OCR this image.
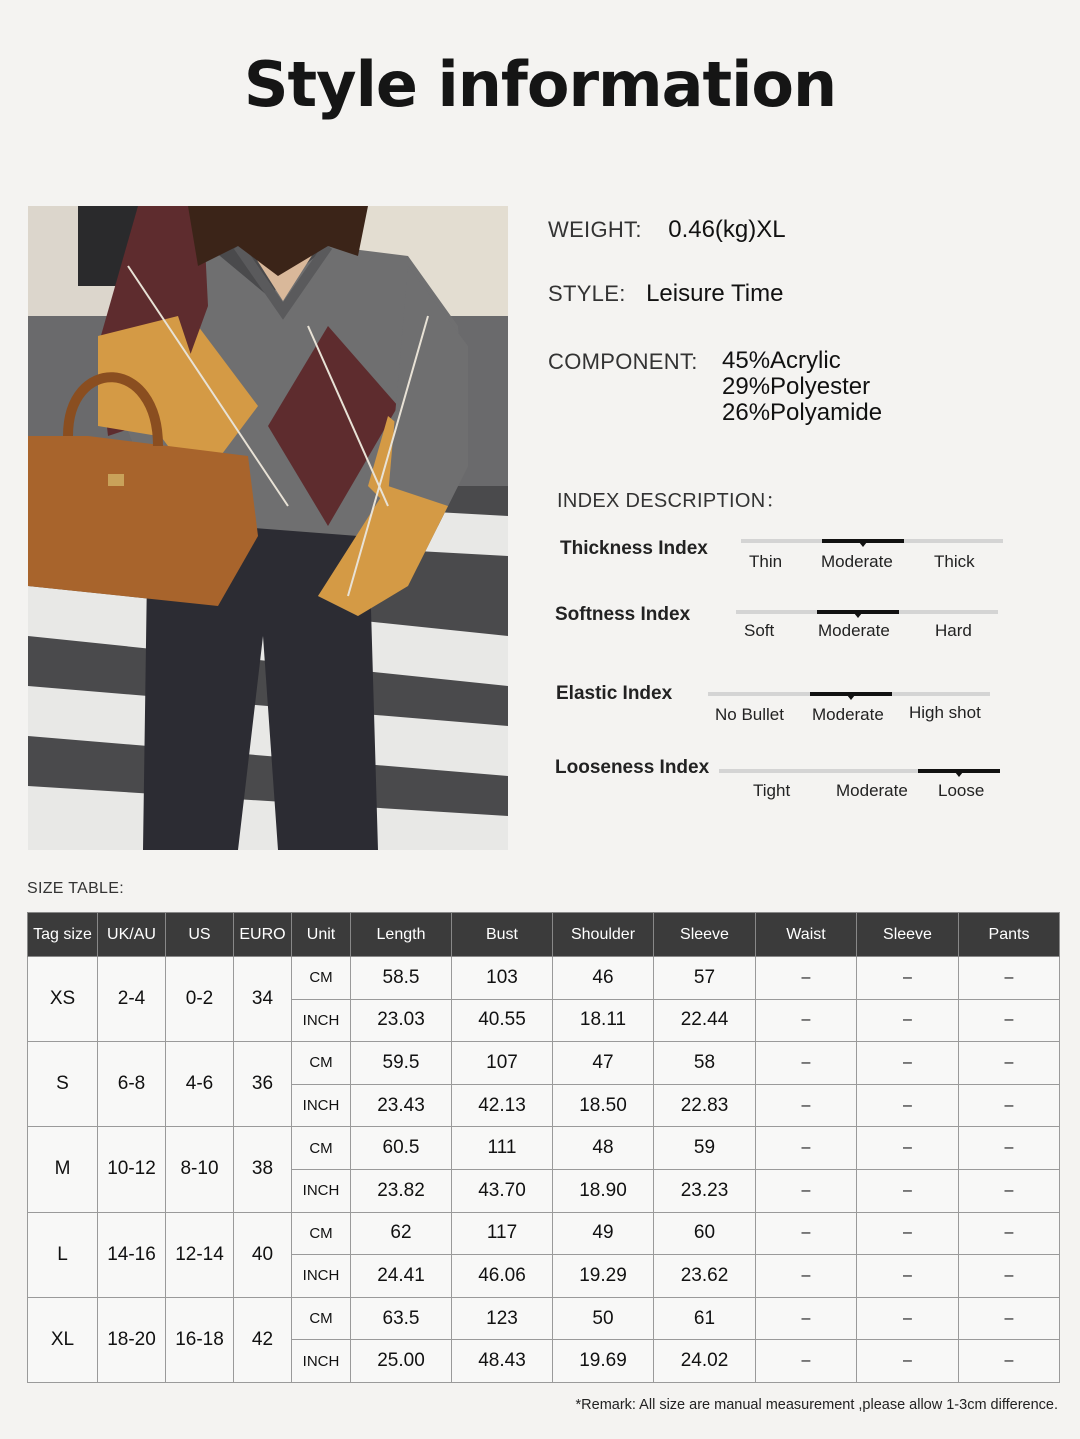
Style information
WEIGHT: 0.46(kg)XL
STYLE: Leisure Time
COMPONENT: 45%Acrylic
29%Polyester
26%Polyamide
INDEX DESCRIPTION：
Thickness Index
Thin Moderate Thick
Softness Index
Soft	Moderate	Hard
Elastic Index
No Bullet Moderate High shot
Looseness Index
Tight	Moderate Loose
SIZE TABLE:
Tag size	UK/AU	US	EURO	Unit	Length	Bust	Shoulder	Sleeve	Waist	Sleeve	Pants
XS	2-4	0-2	34	CM	58.5	103	46	57	–	–	–
				INCH	23.03	40.55	18.11	22.44	–	–	–
S	6-8	4-6	36	CM	59.5	107	47	58	–	–	–
				INCH	23.43	42.13	18.50	22.83	–	–	–
M	10-12	8-10	38	CM	60.5	111	48	59	–	–	–
				INCH	23.82	43.70	18.90	23.23	–	–	–
L	14-16	12-14	40	CM	62	117	49	60	–	–	–
				INCH	24.41	46.06	19.29	23.62	–	–	–
XL	18-20	16-18	42	CM	63.5	123	50	61	–	–	–
				INCH	25.00	48.43	19.69	24.02	–	–	–
*Remark: All size are manual measurement ,please allow 1-3cm difference.
